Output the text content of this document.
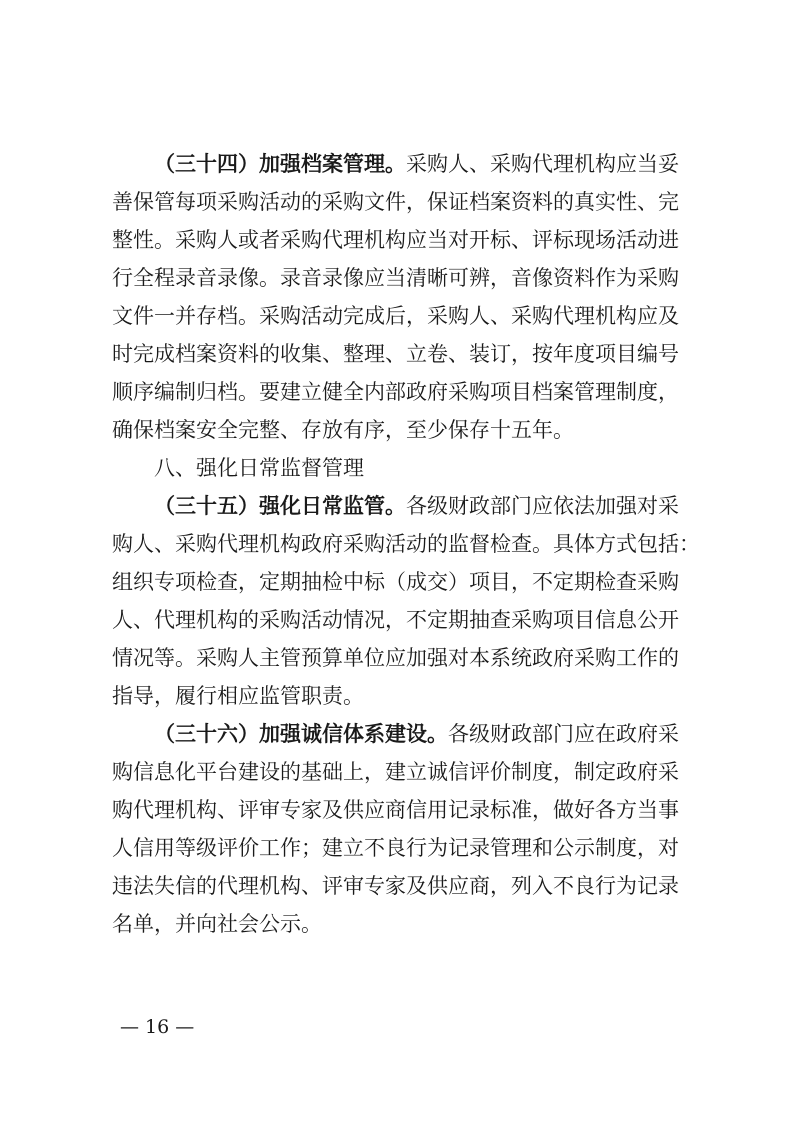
（三十四）加强档案管理。采购人、采购代理机构应当妥
善保管每项采购活动的采购文件，保证档案资料的真实性、完
整性。采购人或者采购代理机构应当对开标、评标现场活动进
行全程录音录像。录音录像应当清晰可辨，音像资料作为采购
文件一并存档。采购活动完成后，采购人、采购代理机构应及
时完成档案资料的收集、整理、立卷、装订，按年度项目编号
顺序编制归档。要建立健全内部政府采购项目档案管理制度，
确保档案安全完整、存放有序，至少保存十五年。
八、强化日常监督管理
（三十五）强化日常监管。各级财政部门应依法加强对采
购人、采购代理机构政府采购活动的监督检查。具体方式包括：
组织专项检查，定期抽检中标（成交）项目，不定期检查采购
人、代理机构的采购活动情况，不定期抽查采购项目信息公开
情况等。采购人主管预算单位应加强对本系统政府采购工作的
指导，履行相应监管职责。
（三十六）加强诚信体系建设。各级财政部门应在政府采
购信息化平台建设的基础上，建立诚信评价制度，制定政府采
购代理机构、评审专家及供应商信用记录标准，做好各方当事
人信用等级评价工作；建立不良行为记录管理和公示制度，对
违法失信的代理机构、评审专家及供应商，列入不良行为记录
名单，并向社会公示。
— 16 —
